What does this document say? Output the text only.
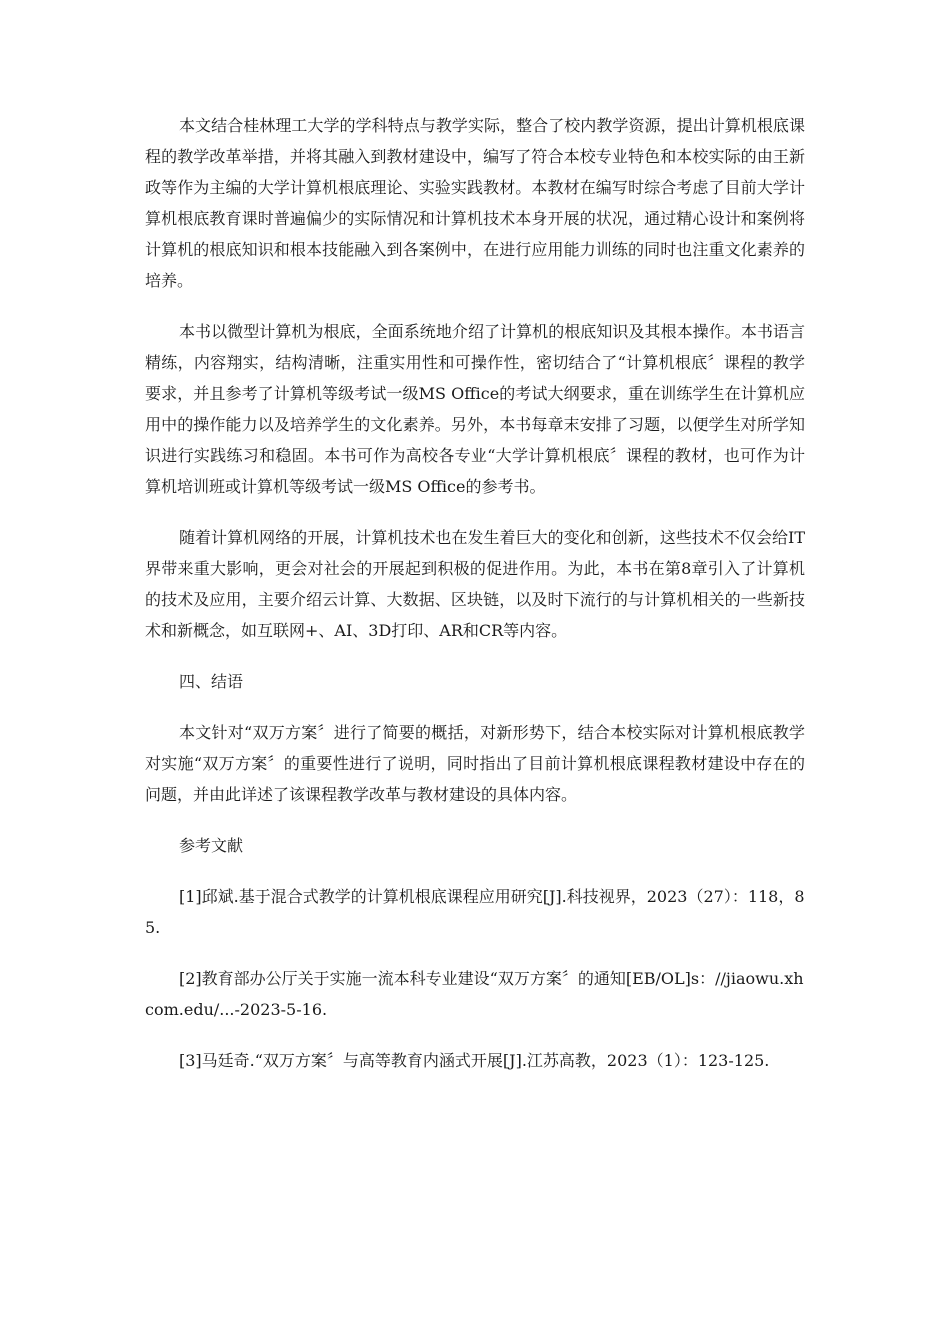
本文结合桂林理工大学的学科特点与教学实际，整合了校内教学资源，提出计算机根底课程的教学改革举措，并将其融入到教材建设中，编写了符合本校专业特色和本校实际的由王新政等作为主编的大学计算机根底理论、实验实践教材。本教材在编写时综合考虑了目前大学计算机根底教育课时普遍偏少的实际情况和计算机技术本身开展的状况，通过精心设计和案例将计算机的根底知识和根本技能融入到各案例中，在进行应用能力训练的同时也注重文化素养的培养。

本书以微型计算机为根底，全面系统地介绍了计算机的根底知识及其根本操作。本书语言精练，内容翔实，结构清晰，注重实用性和可操作性，密切结合了“计算机根底〞课程的教学要求，并且参考了计算机等级考试一级MS Office的考试大纲要求，重在训练学生在计算机应用中的操作能力以及培养学生的文化素养。另外，本书每章末安排了习题，以便学生对所学知识进行实践练习和稳固。本书可作为高校各专业“大学计算机根底〞课程的教材，也可作为计算机培训班或计算机等级考试一级MS Office的参考书。

随着计算机网络的开展，计算机技术也在发生着巨大的变化和创新，这些技术不仅会给IT界带来重大影响，更会对社会的开展起到积极的促进作用。为此，本书在第8章引入了计算机的技术及应用，主要介绍云计算、大数据、区块链，以及时下流行的与计算机相关的一些新技术和新概念，如互联网+、AI、3D打印、AR和CR等内容。

四、结语

本文针对“双万方案〞进行了简要的概括，对新形势下，结合本校实际对计算机根底教学对实施“双万方案〞的重要性进行了说明，同时指出了目前计算机根底课程教材建设中存在的问题，并由此详述了该课程教学改革与教材建设的具体内容。

参考文献

[1]邱斌.基于混合式教学的计算机根底课程应用研究[J].科技视界，2023（27）：118，85.

[2]教育部办公厅关于实施一流本科专业建设“双万方案〞的通知[EB/OL]s：//jiaowu.xhcom.edu/...-2023-5-16.

[3]马廷奇.“双万方案〞与高等教育内涵式开展[J].江苏高教，2023（1）：123-125.
